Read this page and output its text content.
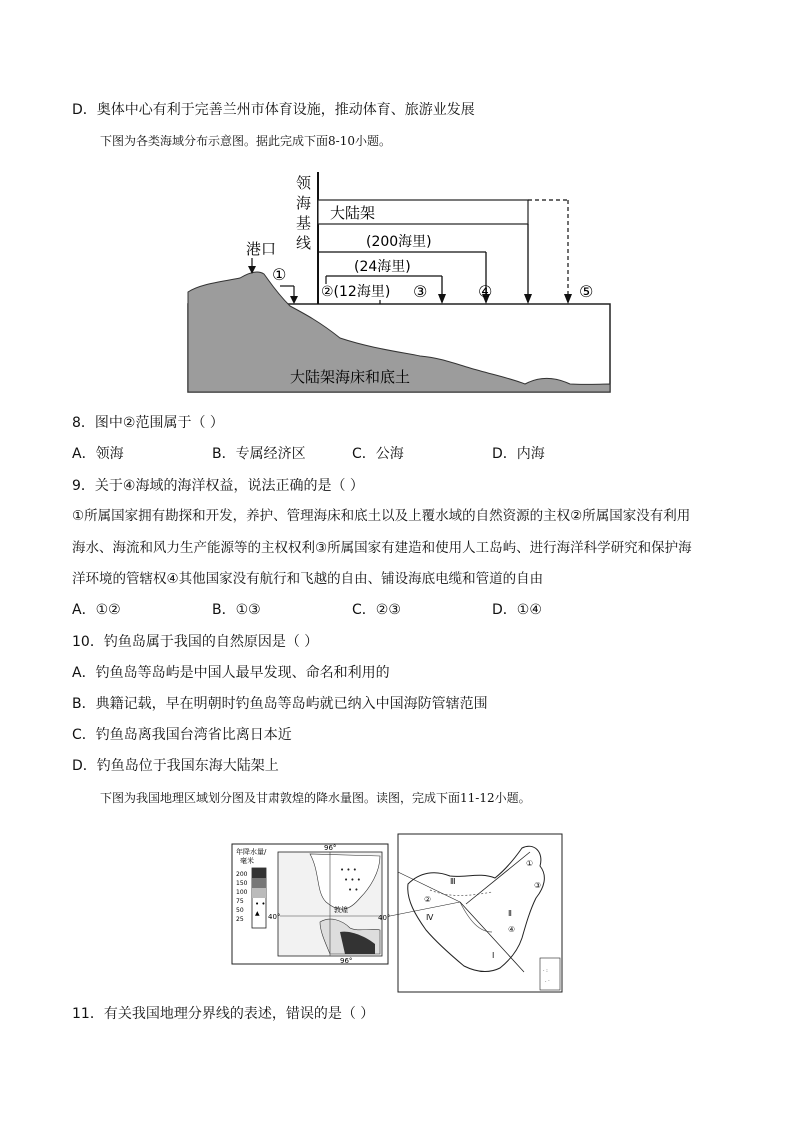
D．奥体中心有利于完善兰州市体育设施，推动体育、旅游业发展
下图为各类海域分布示意图。据此完成下面8-10小题。
领
海
基
线
大陆架
(200海里)
(24海里)
②(12海里) ③	④	⑤
港口
①
大陆架海床和底土
8．图中②范围属于（ ）
A．领海	B．专属经济区	C．公海	D．内海
9．关于④海域的海洋权益，说法正确的是（ ）
①所属国家拥有勘探和开发，养护、管理海床和底土以及上覆水域的自然资源的主权②所属国家没有利用
海水、海流和风力生产能源等的主权权利③所属国家有建造和使用人工岛屿、进行海洋科学研究和保护海
洋环境的管辖权④其他国家没有航行和飞越的自由、铺设海底电缆和管道的自由
A．①②	B．①③	C．②③	D．①④
10．钓鱼岛属于我国的自然原因是（ ）
A．钓鱼岛等岛屿是中国人最早发现、命名和利用的
B．典籍记载，早在明朝时钓鱼岛等岛屿就已纳入中国海防管辖范围
C．钓鱼岛离我国台湾省比离日本近
D．钓鱼岛位于我国东海大陆架上
下图为我国地理区域划分图及甘肃敦煌的降水量图。读图，完成下面11-12小题。
年降水量/
毫米
200
150
100
75
50
25
• •
▲
• • •
• • •
• •
96°
96°
40°	40°
敦煌
Ⅰ
Ⅱ
Ⅲ
Ⅳ
①
②
③
④
· :
. ·
11．有关我国地理分界线的表述，错误的是（ ）
